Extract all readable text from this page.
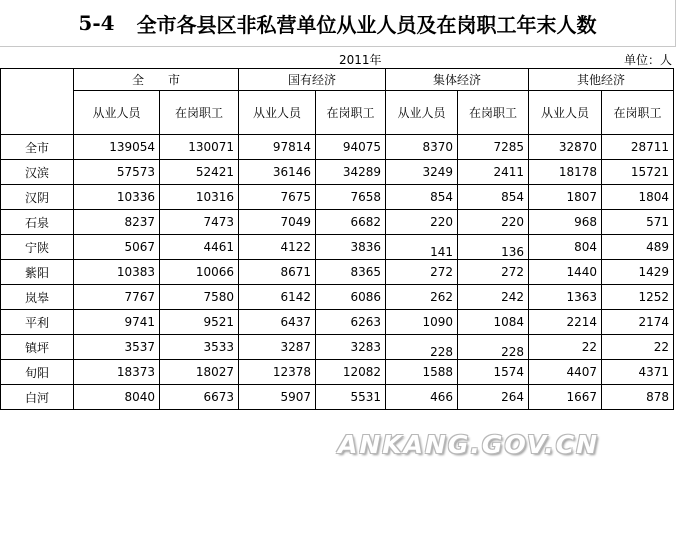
5-4 全市各县区非私营单位从业人员及在岗职工年末人数
2011年	单位：人
	全　　市		国有经济		集体经济		其他经济	
	从业人员	在岗职工	从业人员	在岗职工	从业人员	在岗职工	从业人员	在岗职工
全市	139054	130071	97814	94075	8370	7285	32870	28711
汉滨	57573	52421	36146	34289	3249	2411	18178	15721
汉阴	10336	10316	7675	7658	854	854	1807	1804
石泉	8237	7473	7049	6682	220	220	968	571
宁陕	5067	4461	4122	3836	141	136	804	489
紫阳	10383	10066	8671	8365	272	272	1440	1429
岚皋	7767	7580	6142	6086	262	242	1363	1252
平利	9741	9521	6437	6263	1090	1084	2214	2174
镇坪	3537	3533	3287	3283	228	228	22	22
旬阳	18373	18027	12378	12082	1588	1574	4407	4371
白河	8040	6673	5907	5531	466	264	1667	878
ANKANG.GOV.CN
